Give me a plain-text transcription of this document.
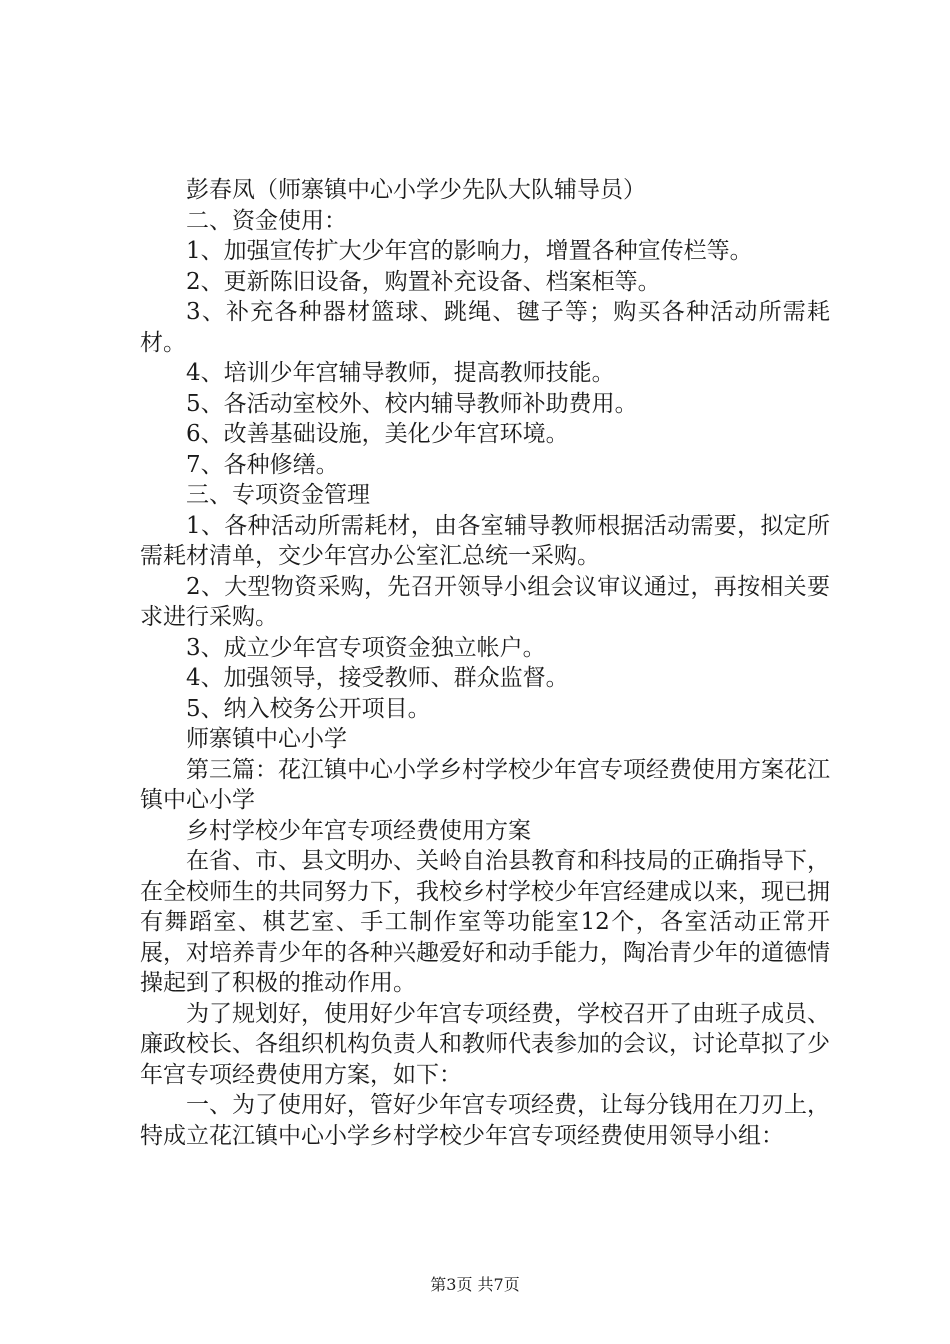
彭春凤（师寨镇中心小学少先队大队辅导员）

二、资金使用：

1、加强宣传扩大少年宫的影响力，增置各种宣传栏等。

2、更新陈旧设备，购置补充设备、档案柜等。

3、补充各种器材篮球、跳绳、毽子等；购买各种活动所需耗材。

4、培训少年宫辅导教师，提高教师技能。

5、各活动室校外、校内辅导教师补助费用。

6、改善基础设施，美化少年宫环境。

7、各种修缮。

三、专项资金管理

1、各种活动所需耗材，由各室辅导教师根据活动需要，拟定所需耗材清单，交少年宫办公室汇总统一采购。

2、大型物资采购，先召开领导小组会议审议通过，再按相关要求进行采购。

3、成立少年宫专项资金独立帐户。

4、加强领导，接受教师、群众监督。

5、纳入校务公开项目。

师寨镇中心小学

第三篇：花江镇中心小学乡村学校少年宫专项经费使用方案花江镇中心小学

乡村学校少年宫专项经费使用方案

在省、市、县文明办、关岭自治县教育和科技局的正确指导下，在全校师生的共同努力下，我校乡村学校少年宫经建成以来，现已拥有舞蹈室、棋艺室、手工制作室等功能室12个，各室活动正常开展，对培养青少年的各种兴趣爱好和动手能力，陶冶青少年的道德情操起到了积极的推动作用。

为了规划好，使用好少年宫专项经费，学校召开了由班子成员、廉政校长、各组织机构负责人和教师代表参加的会议，讨论草拟了少年宫专项经费使用方案，如下：

一、为了使用好，管好少年宫专项经费，让每分钱用在刀刃上，特成立花江镇中心小学乡村学校少年宫专项经费使用领导小组：

第3页 共7页
